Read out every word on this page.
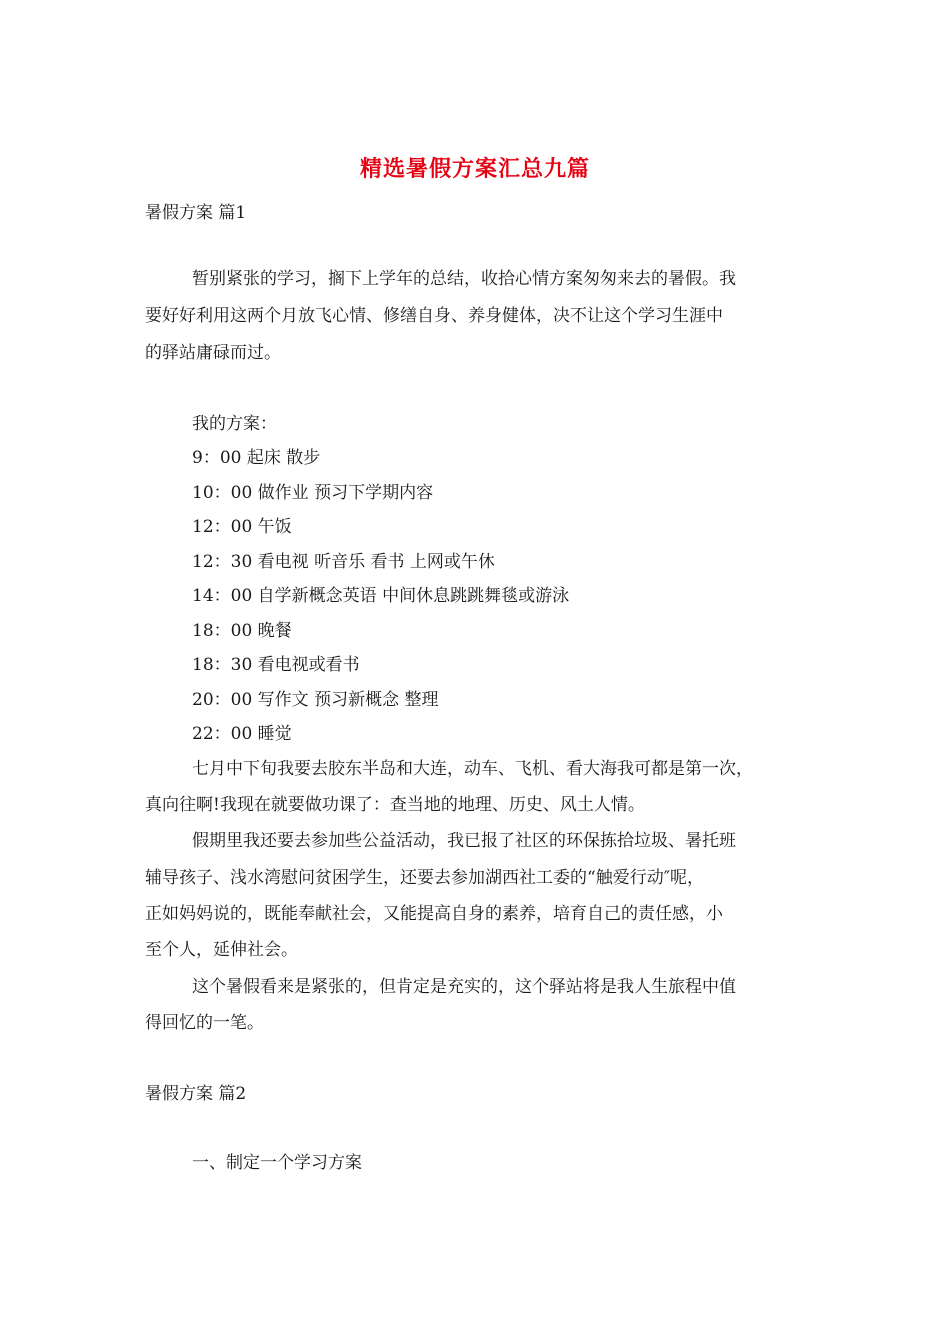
精选暑假方案汇总九篇
暑假方案 篇1
暂别紧张的学习，搁下上学年的总结，收拾心情方案匆匆来去的暑假。我
要好好利用这两个月放飞心情、修缮自身、养身健体，决不让这个学习生涯中
的驿站庸碌而过。
我的方案：
9：00 起床 散步
10：00 做作业 预习下学期内容
12：00 午饭
12：30 看电视 听音乐 看书 上网或午休
14：00 自学新概念英语 中间休息跳跳舞毯或游泳
18：00 晚餐
18：30 看电视或看书
20：00 写作文 预习新概念 整理
22：00 睡觉
七月中下旬我要去胶东半岛和大连，动车、飞机、看大海我可都是第一次，
真向往啊!我现在就要做功课了：查当地的地理、历史、风土人情。
假期里我还要去参加些公益活动，我已报了社区的环保拣拾垃圾、暑托班
辅导孩子、浅水湾慰问贫困学生，还要去参加湖西社工委的“触爱行动″呢，
正如妈妈说的，既能奉献社会，又能提高自身的素养，培育自己的责任感，小
至个人，延伸社会。
这个暑假看来是紧张的，但肯定是充实的，这个驿站将是我人生旅程中值
得回忆的一笔。
暑假方案 篇2
一、制定一个学习方案
